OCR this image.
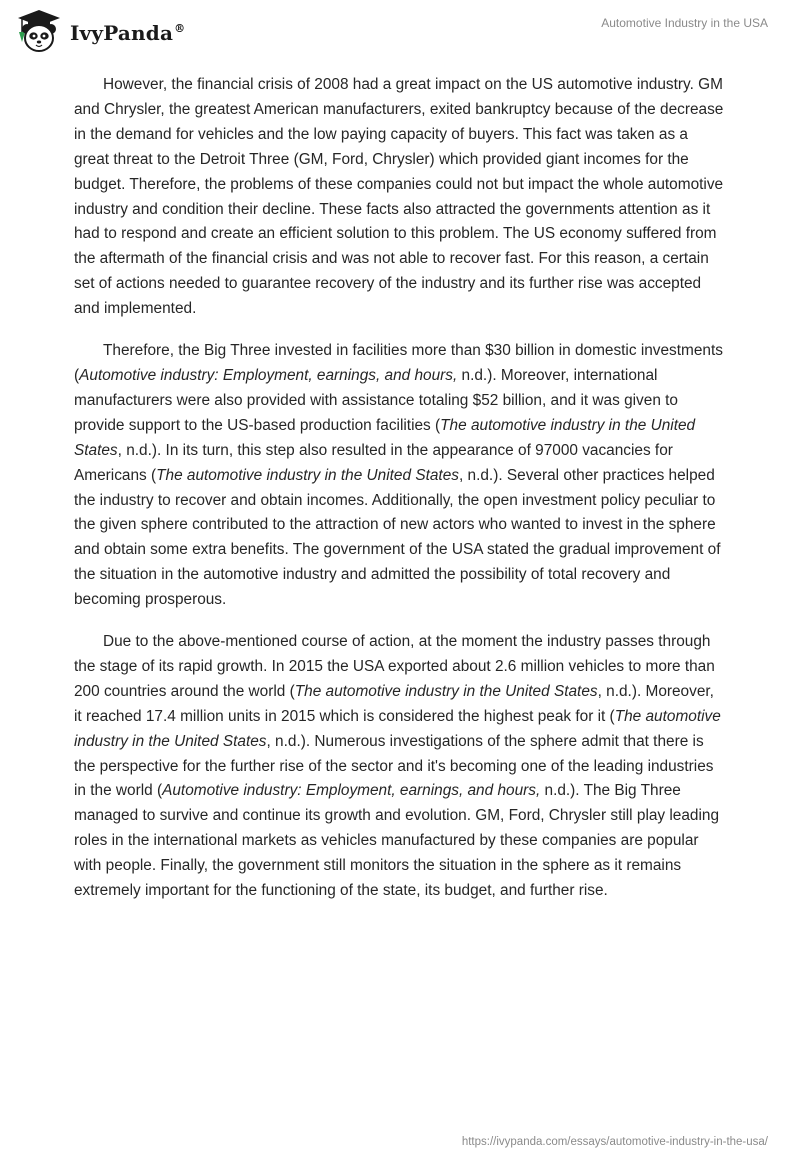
IvyPanda®	Automotive Industry in the USA

However, the financial crisis of 2008 had a great impact on the US automotive industry. GM and Chrysler, the greatest American manufacturers, exited bankruptcy because of the decrease in the demand for vehicles and the low paying capacity of buyers. This fact was taken as a great threat to the Detroit Three (GM, Ford, Chrysler) which provided giant incomes for the budget. Therefore, the problems of these companies could not but impact the whole automotive industry and condition their decline. These facts also attracted the governments attention as it had to respond and create an efficient solution to this problem. The US economy suffered from the aftermath of the financial crisis and was not able to recover fast. For this reason, a certain set of actions needed to guarantee recovery of the industry and its further rise was accepted and implemented.

Therefore, the Big Three invested in facilities more than $30 billion in domestic investments (Automotive industry: Employment, earnings, and hours, n.d.). Moreover, international manufacturers were also provided with assistance totaling $52 billion, and it was given to provide support to the US-based production facilities (The automotive industry in the United States, n.d.). In its turn, this step also resulted in the appearance of 97000 vacancies for Americans (The automotive industry in the United States, n.d.). Several other practices helped the industry to recover and obtain incomes. Additionally, the open investment policy peculiar to the given sphere contributed to the attraction of new actors who wanted to invest in the sphere and obtain some extra benefits. The government of the USA stated the gradual improvement of the situation in the automotive industry and admitted the possibility of total recovery and becoming prosperous.

Due to the above-mentioned course of action, at the moment the industry passes through the stage of its rapid growth. In 2015 the USA exported about 2.6 million vehicles to more than 200 countries around the world (The automotive industry in the United States, n.d.). Moreover, it reached 17.4 million units in 2015 which is considered the highest peak for it (The automotive industry in the United States, n.d.). Numerous investigations of the sphere admit that there is the perspective for the further rise of the sector and it's becoming one of the leading industries in the world (Automotive industry: Employment, earnings, and hours, n.d.). The Big Three managed to survive and continue its growth and evolution. GM, Ford, Chrysler still play leading roles in the international markets as vehicles manufactured by these companies are popular with people. Finally, the government still monitors the situation in the sphere as it remains extremely important for the functioning of the state, its budget, and further rise.

https://ivypanda.com/essays/automotive-industry-in-the-usa/
